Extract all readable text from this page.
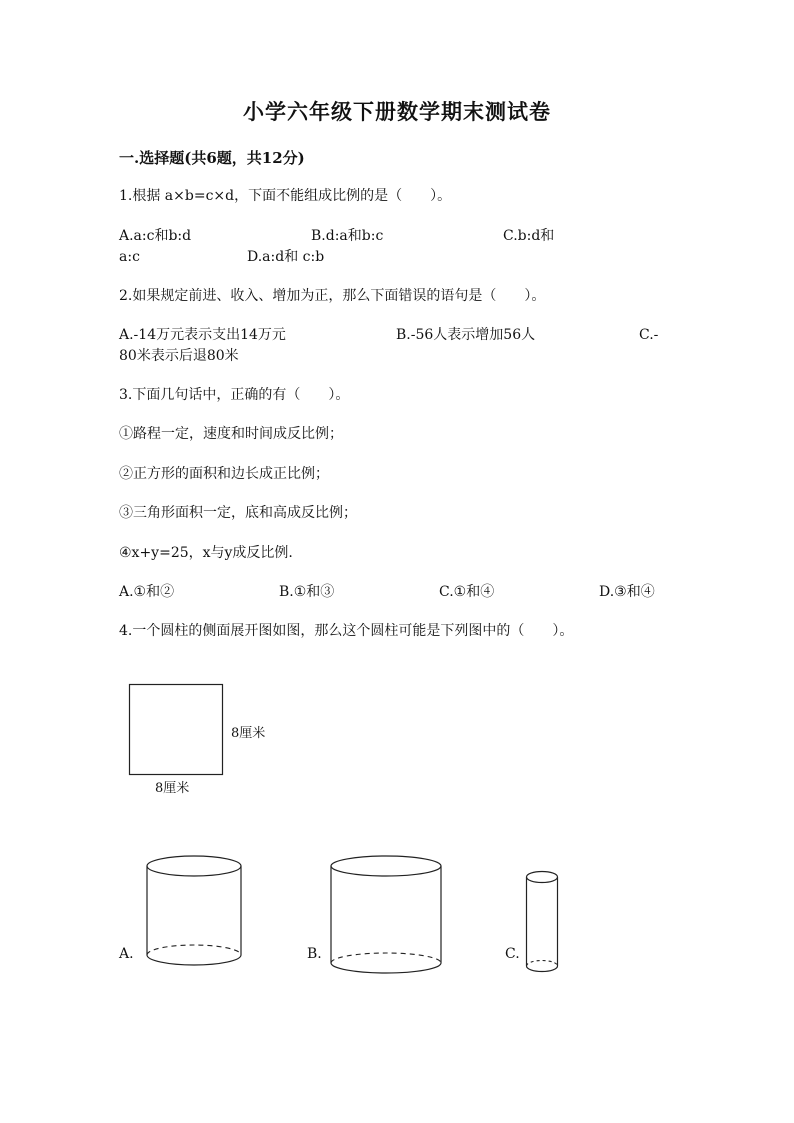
小学六年级下册数学期末测试卷
一.选择题(共6题，共12分)
1.根据 a×b=c×d，下面不能组成比例的是（　　）。
A.a:c和b:d	B.d:a和b:c	C.b:d和
a:c	D.a:d和 c:b
2.如果规定前进、收入、增加为正，那么下面错误的语句是（　　）。
A.-14万元表示支出14万元	B.-56人表示增加56人	C.-
80米表示后退80米
3.下面几句话中，正确的有（　　）。
①路程一定，速度和时间成反比例；
②正方形的面积和边长成正比例；
③三角形面积一定，底和高成反比例；
④x+y=25，x与y成反比例.
A.①和②	B.①和③	C.①和④	D.③和④
4.一个圆柱的侧面展开图如图，那么这个圆柱可能是下列图中的（　　）。
8厘米
8厘米
A.	B.	C.
